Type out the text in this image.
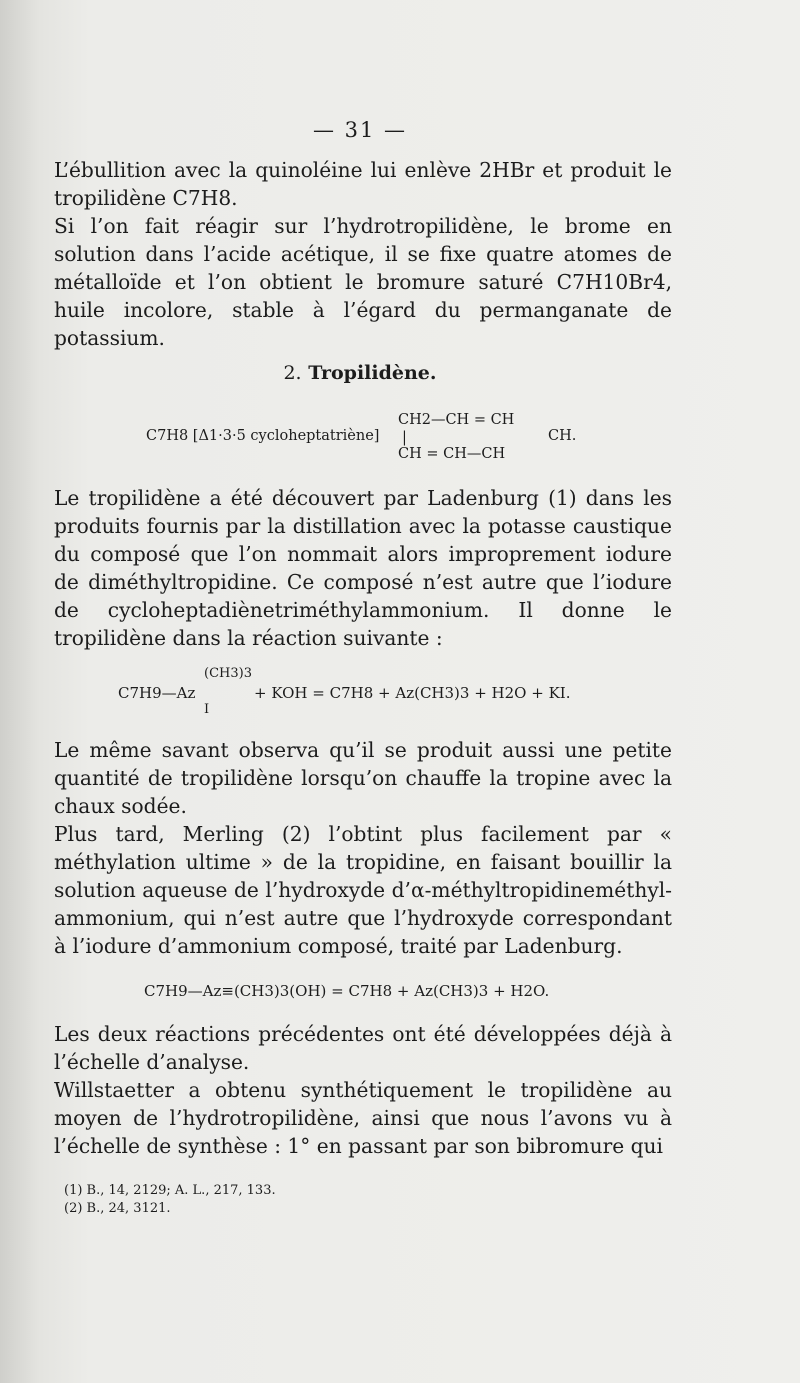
— 31 —

L’ébullition avec la quinoléine lui enlève 2HBr et produit le tropilidène C7H8.

Si l’on fait réagir sur l’hydrotropilidène, le brome en solution dans l’acide acétique, il se fixe quatre atomes de métalloïde et l’on obtient le bromure saturé C7H10Br4, huile incolore, stable à l’égard du permanganate de potassium.

2. Tropilidène.
C7H8 [Δ1·3·5 cycloheptatriène]
CH2—CH = CH
|
CH = CH—CH
CH.

Le tropilidène a été découvert par Ladenburg (1) dans les produits fournis par la distillation avec la potasse caustique du composé que l’on nommait alors improprement iodure de diméthyltropidine. Ce composé n’est autre que l’iodure de cycloheptadiènetriméthylammonium. Il donne le tropilidène dans la réaction suivante :

C7H9—Az
(CH3)3
I
+ KOH = C7H8 + Az(CH3)3 + H2O + KI.

Le même savant observa qu’il se produit aussi une petite quantité de tropilidène lorsqu’on chauffe la tropine avec la chaux sodée.

Plus tard, Merling (2) l’obtint plus facilement par « méthylation ultime » de la tropidine, en faisant bouillir la solution aqueuse de l’hydroxyde d’α-méthyltropidineméthyl-ammonium, qui n’est autre que l’hydroxyde correspondant à l’iodure d’ammonium composé, traité par Ladenburg.

C7H9—Az≡(CH3)3(OH) = C7H8 + Az(CH3)3 + H2O.

Les deux réactions précédentes ont été développées déjà à l’échelle d’analyse.

Willstaetter a obtenu synthétiquement le tropilidène au moyen de l’hydrotropilidène, ainsi que nous l’avons vu à l’échelle de synthèse : 1° en passant par son bibromure qui

(1) B., 14, 2129; A. L., 217, 133.
(2) B., 24, 3121.
